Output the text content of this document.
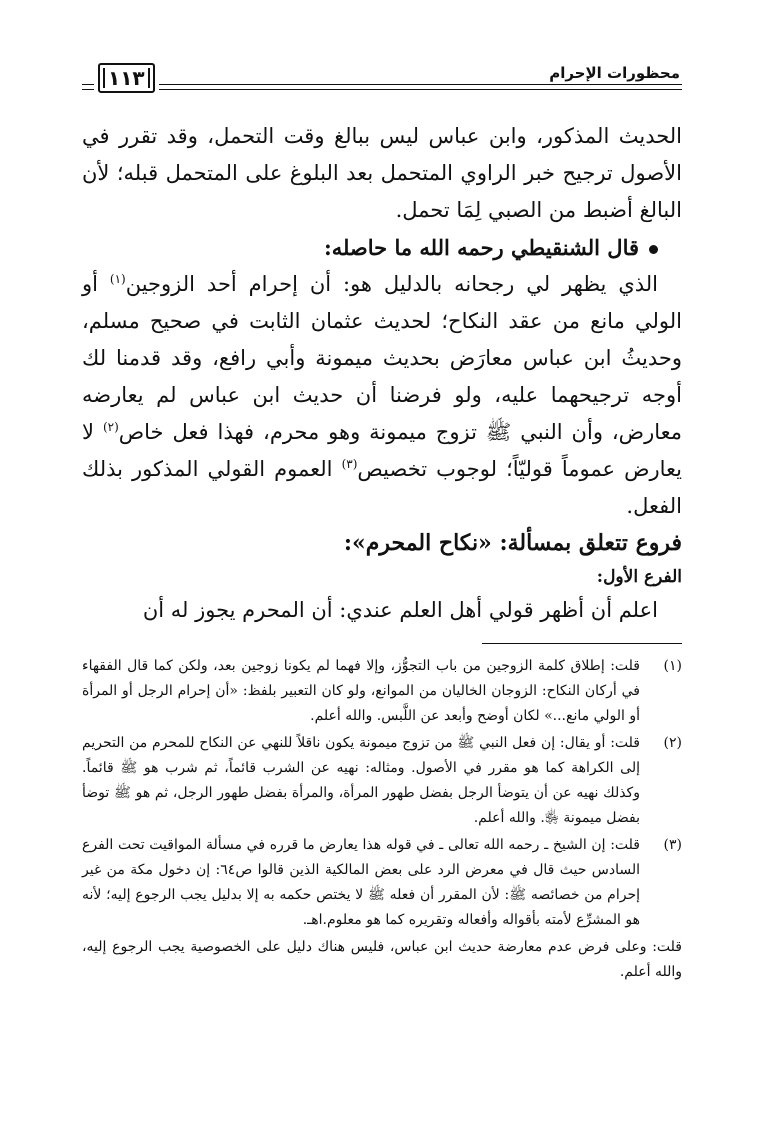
محظورات الإحرام
١١٣

الحديث المذكور، وابن عباس ليس ببالغ وقت التحمل، وقد تقرر في الأصول ترجيح خبر الراوي المتحمل بعد البلوغ على المتحمل قبله؛ لأن البالغ أضبط من الصبي لِمَا تحمل.

قال الشنقيطي رحمه الله ما حاصله:

الذي يظهر لي رجحانه بالدليل هو: أن إحرام أحد الزوجين$^{(١)}$ أو الولي مانع من عقد النكاح؛ لحديث عثمان الثابت في صحيح مسلم، وحديثُ ابن عباس معارَض بحديث ميمونة وأبي رافع، وقد قدمنا لك أوجه ترجيحهما عليه، ولو فرضنا أن حديث ابن عباس لم يعارضه معارض، وأن النبي ﷺ تزوج ميمونة وهو محرم، فهذا فعل خاص$^{(٢)}$ لا يعارض عموماً قوليّاً؛ لوجوب تخصيص$^{(٣)}$ العموم القولي المذكور بذلك الفعل.

فروع تتعلق بمسألة: «نكاح المحرم»:

الفرع الأول:

اعلم أن أظهر قولي أهل العلم عندي: أن المحرم يجوز له أن

(١)
قلت: إطلاق كلمة الزوجين من باب التجوُّز، وإلا فهما لم يكونا زوجين بعد، ولكن كما قال الفقهاء في أركان النكاح: الزوجان الخاليان من الموانع، ولو كان التعبير بلفظ: «أن إحرام الرجل أو المرأة أو الولي مانع...» لكان أوضح وأبعد عن اللَّبس. والله أعلم.
(٢)
قلت: أو يقال: إن فعل النبي ﷺ من تزوج ميمونة يكون ناقلاً للنهي عن النكاح للمحرم من التحريم إلى الكراهة كما هو مقرر في الأصول. ومثاله: نهيه عن الشرب قائماً، ثم شرب هو ﷺ قائماً. وكذلك نهيه عن أن يتوضأ الرجل بفضل طهور المرأة، والمرأة بفضل طهور الرجل، ثم هو ﷺ توضأ بفضل ميمونة ﵂. والله أعلم.
(٣)
قلت: إن الشيخ ـ رحمه الله تعالى ـ في قوله هذا يعارض ما قرره في مسألة المواقيت تحت الفرع السادس حيث قال في معرض الرد على بعض المالكية الذين قالوا ص٦٤: إن دخول مكة من غير إحرام من خصائصه ﷺ: لأن المقرر أن فعله ﷺ لا يختص حكمه به إلا بدليل يجب الرجوع إليه؛ لأنه هو المشرِّع لأمته بأقواله وأفعاله وتقريره كما هو معلوم.اهـ.
قلت: وعلى فرض عدم معارضة حديث ابن عباس، فليس هناك دليل على الخصوصية يجب الرجوع إليه، والله أعلم.
